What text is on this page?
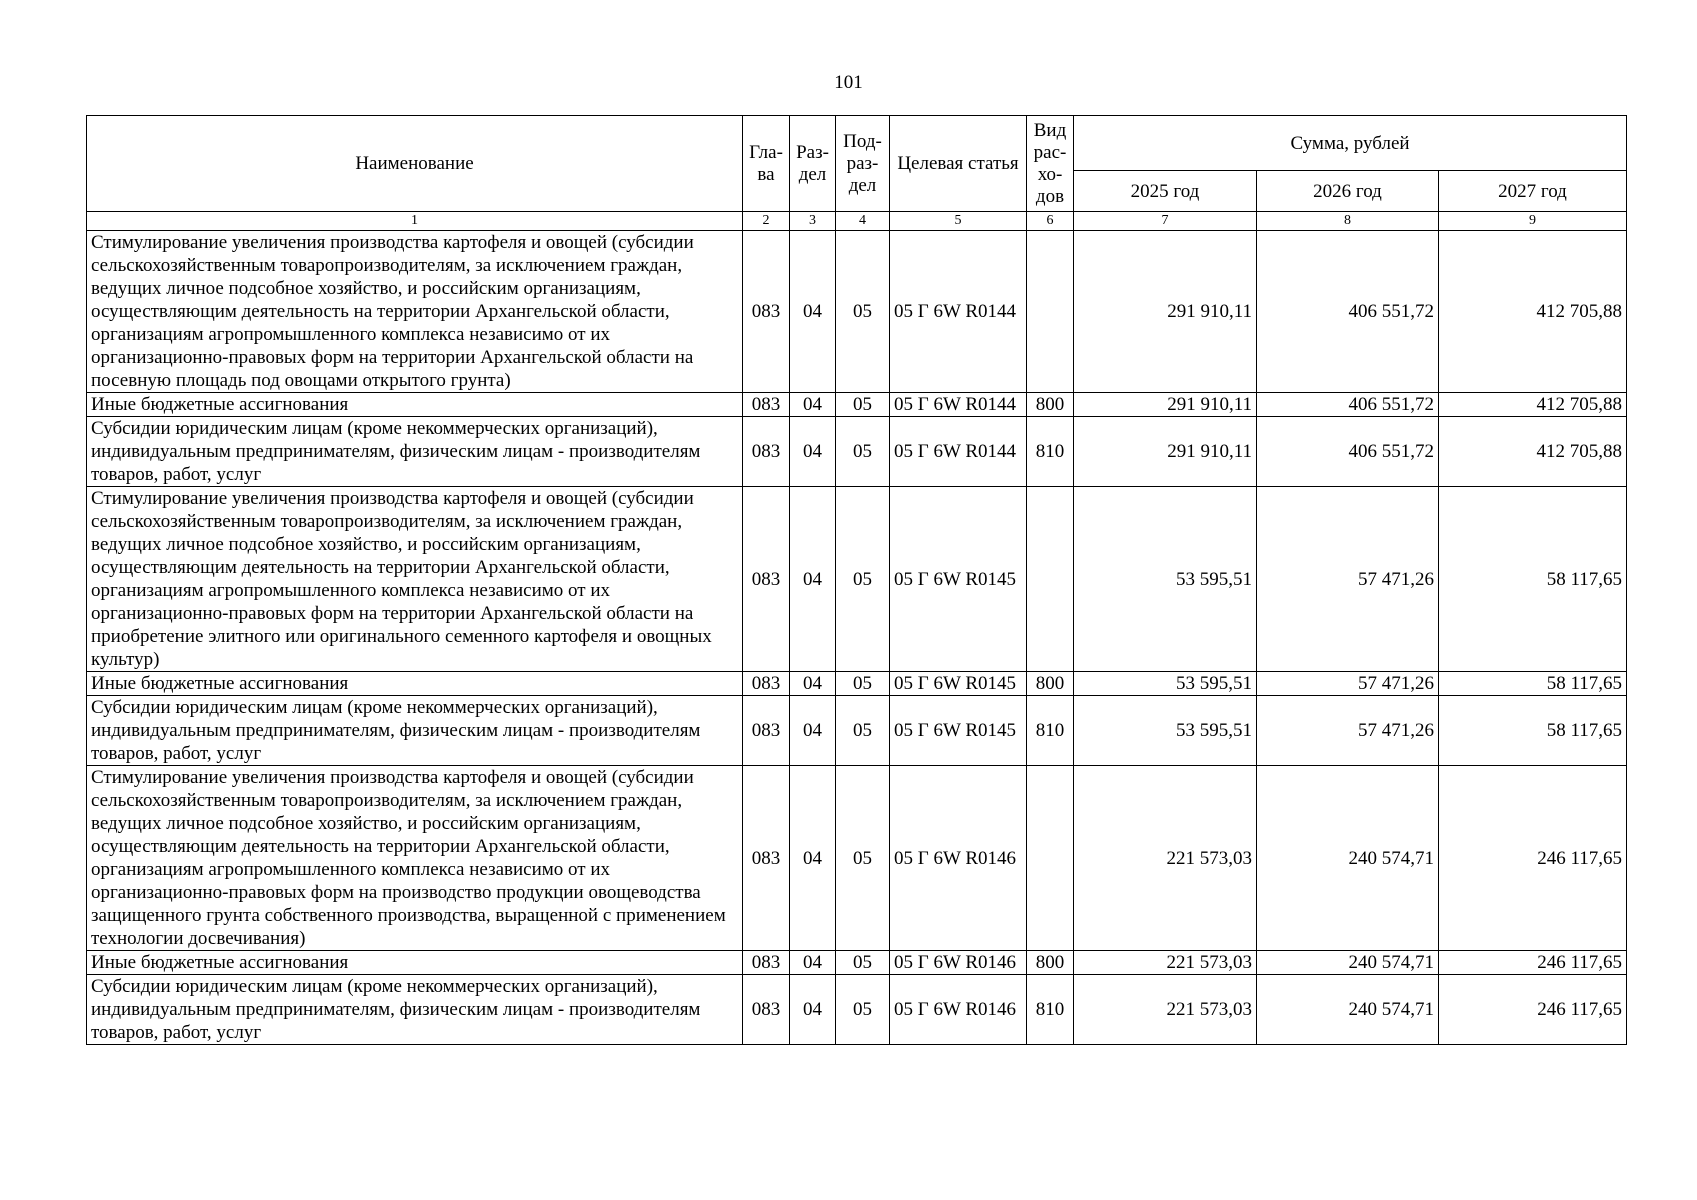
101
Наименование	Гла-ва	Раз-дел	Под-раз-дел	Целевая статья	Вид рас-хо-дов	Сумма, рублей		
						2025 год	2026 год	2027 год
1	2	3	4	5	6	7	8	9
Стимулирование увеличения производства картофеля и овощей (субсидии сельскохозяйственным товаропроизводителям, за исключением граждан, ведущих личное подсобное хозяйство, и российским организациям, осуществляющим деятельность на территории Архангельской области, организациям агропромышленного комплекса независимо от их организационно-правовых форм на территории Архангельской области на посевную площадь под овощами открытого грунта)	083	04	05	05 Г 6W R0144		291 910,11	406 551,72	412 705,88
Иные бюджетные ассигнования	083	04	05	05 Г 6W R0144	800	291 910,11	406 551,72	412 705,88
Субсидии юридическим лицам (кроме некоммерческих организаций), индивидуальным предпринимателям, физическим лицам - производителям товаров, работ, услуг	083	04	05	05 Г 6W R0144	810	291 910,11	406 551,72	412 705,88
Стимулирование увеличения производства картофеля и овощей (субсидии сельскохозяйственным товаропроизводителям, за исключением граждан, ведущих личное подсобное хозяйство, и российским организациям, осуществляющим деятельность на территории Архангельской области, организациям агропромышленного комплекса независимо от их организационно-правовых форм на территории Архангельской области на приобретение элитного или оригинального семенного картофеля и овощных культур)	083	04	05	05 Г 6W R0145		53 595,51	57 471,26	58 117,65
Иные бюджетные ассигнования	083	04	05	05 Г 6W R0145	800	53 595,51	57 471,26	58 117,65
Субсидии юридическим лицам (кроме некоммерческих организаций), индивидуальным предпринимателям, физическим лицам - производителям товаров, работ, услуг	083	04	05	05 Г 6W R0145	810	53 595,51	57 471,26	58 117,65
Стимулирование увеличения производства картофеля и овощей (субсидии сельскохозяйственным товаропроизводителям, за исключением граждан, ведущих личное подсобное хозяйство, и российским организациям, осуществляющим деятельность на территории Архангельской области, организациям агропромышленного комплекса независимо от их организационно-правовых форм на производство продукции овощеводства защищенного грунта собственного производства, выращенной с применением технологии досвечивания)	083	04	05	05 Г 6W R0146		221 573,03	240 574,71	246 117,65
Иные бюджетные ассигнования	083	04	05	05 Г 6W R0146	800	221 573,03	240 574,71	246 117,65
Субсидии юридическим лицам (кроме некоммерческих организаций), индивидуальным предпринимателям, физическим лицам - производителям товаров, работ, услуг	083	04	05	05 Г 6W R0146	810	221 573,03	240 574,71	246 117,65
